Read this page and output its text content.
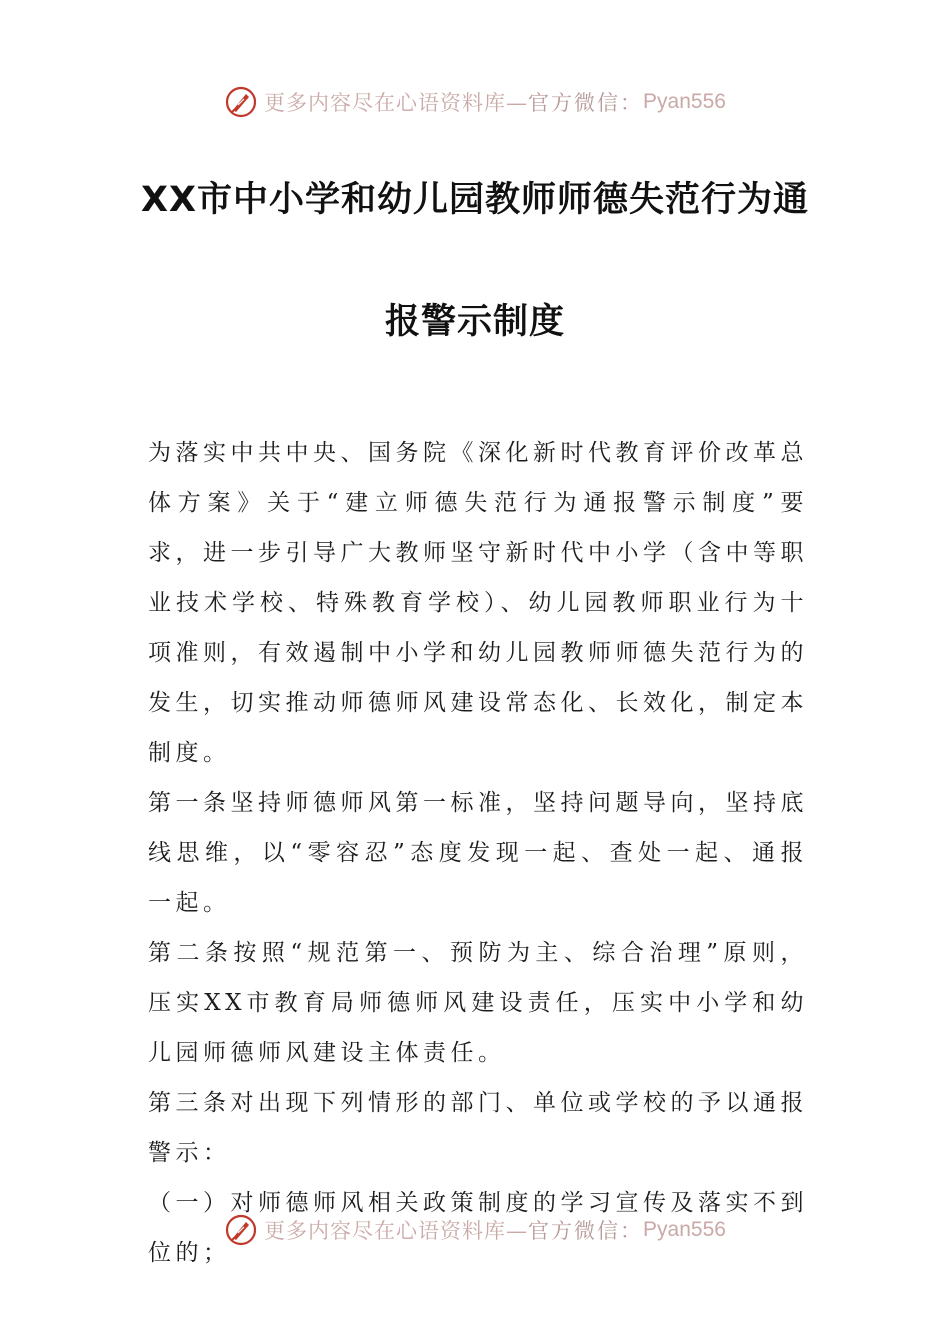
更多内容尽在心语资料库— 官方微信： Pyan556
XX市中小学和幼儿园教师师德失范行为通
报警示制度

为落实中共中央、国务院《深化新时代教育评价改革总体方案》关于“建立师德失范行为通报警示制度”要求，进一步引导广大教师坚守新时代中小学（含中等职业技术学校、特殊教育学校）、幼儿园教师职业行为十项准则，有效遏制中小学和幼儿园教师师德失范行为的发生，切实推动师德师风建设常态化、长效化，制定本制度。

第一条坚持师德师风第一标准，坚持问题导向，坚持底线思维，以“零容忍”态度发现一起、查处一起、通报一起。

第二条按照“规范第一、预防为主、综合治理”原则，压实XX市教育局师德师风建设责任，压实中小学和幼儿园师德师风建设主体责任。

第三条对出现下列情形的部门、单位或学校的予以通报警示：

（一）对师德师风相关政策制度的学习宣传及落实不到位的；

更多内容尽在心语资料库— 官方微信： Pyan556
